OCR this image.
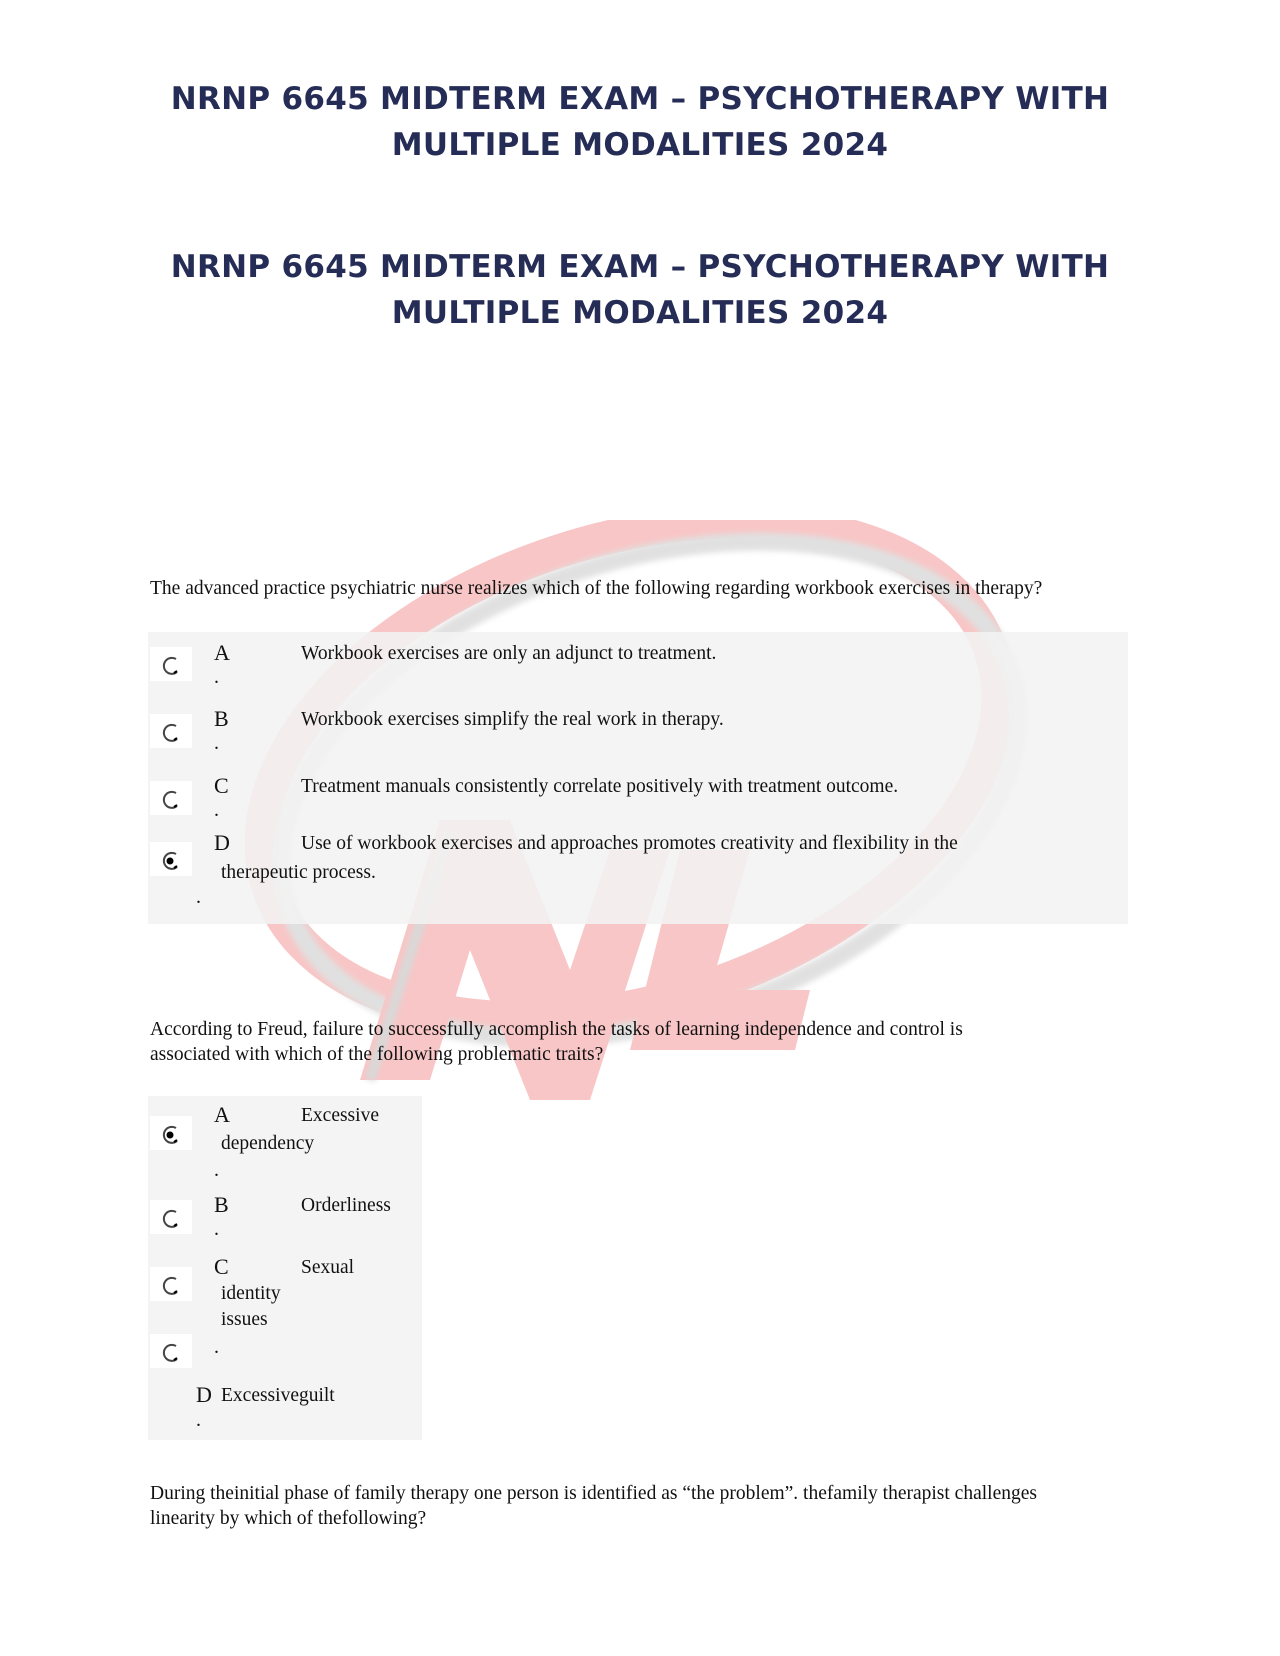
NRNP 6645 MIDTERM EXAM – PSYCHOTHERAPY WITH
MULTIPLE MODALITIES 2024
NRNP 6645 MIDTERM EXAM – PSYCHOTHERAPY WITH
MULTIPLE MODALITIES 2024
The advanced practice psychiatric nurse realizes which of the following regarding workbook exercises in therapy?
A
.
Workbook exercises are only an adjunct to treatment.
B
.
Workbook exercises simplify the real work in therapy.
C
.
Treatment manuals consistently correlate positively with treatment outcome.
D	Use of workbook exercises and approaches promotes creativity and flexibility in the
therapeutic process.
.
According to Freud, failure to successfully accomplish the tasks of learning independence and control is
associated with which of the following problematic traits?
A	Excessive
dependency
.
B	Orderliness
.
C	Sexual
identity
issues
.
D Excessiveguilt
.
During theinitial phase of family therapy one person is identified as “the problem”. thefamily therapist challenges
linearity by which of thefollowing?
